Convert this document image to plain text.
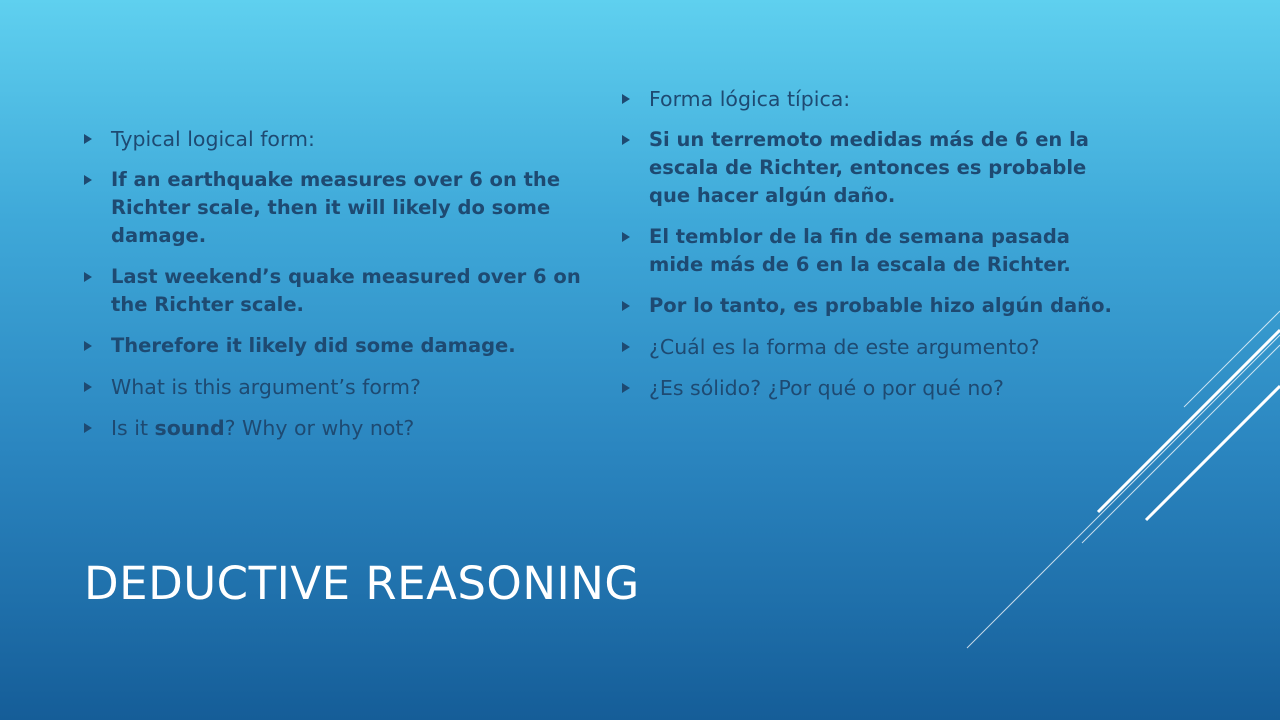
Typical logical form:
If an earthquake measures over 6 on the Richter scale, then it will likely do some damage.
Last weekend’s quake measured over 6 on the Richter scale.
Therefore it likely did some damage.
What is this argument’s form?
Is it sound? Why or why not?
Forma lógica típica:
Si un terremoto medidas más de 6 en la escala de Richter, entonces es probable que hacer algún daño.
El temblor de la fin de semana pasada mide más de 6 en la escala de Richter.
Por lo tanto, es probable hizo algún daño.
¿Cuál es la forma de este argumento?
¿Es sólido? ¿Por qué o por qué no?
DEDUCTIVE REASONING
